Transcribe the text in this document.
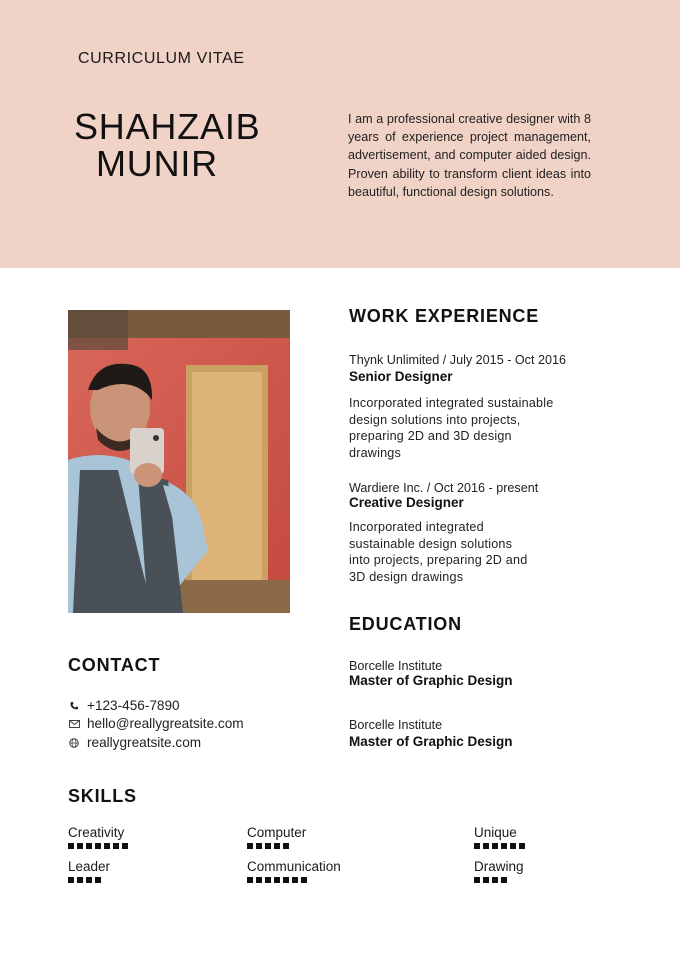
CURRICULUM VITAE
SHAHZAIB
MUNIR
I am a professional creative designer with 8 years of experience project management, advertisement, and computer aided design. Proven ability to transform client ideas into beautiful, functional design solutions.
WORK EXPERIENCE
Thynk Unlimited / July 2015 - Oct 2016
Senior Designer
Incorporated integrated sustainable
design solutions into projects,
preparing 2D and 3D design
drawings
Wardiere Inc. / Oct 2016 - present
Creative Designer
Incorporated integrated
sustainable design solutions
into projects, preparing 2D and
3D design drawings
EDUCATION
Borcelle Institute
Master of Graphic Design
Borcelle Institute
Master of Graphic Design
CONTACT
+123-456-7890
hello@reallygreatsite.com
reallygreatsite.com
SKILLS
Creativity	Computer	Unique
Leader	Communication	Drawing
